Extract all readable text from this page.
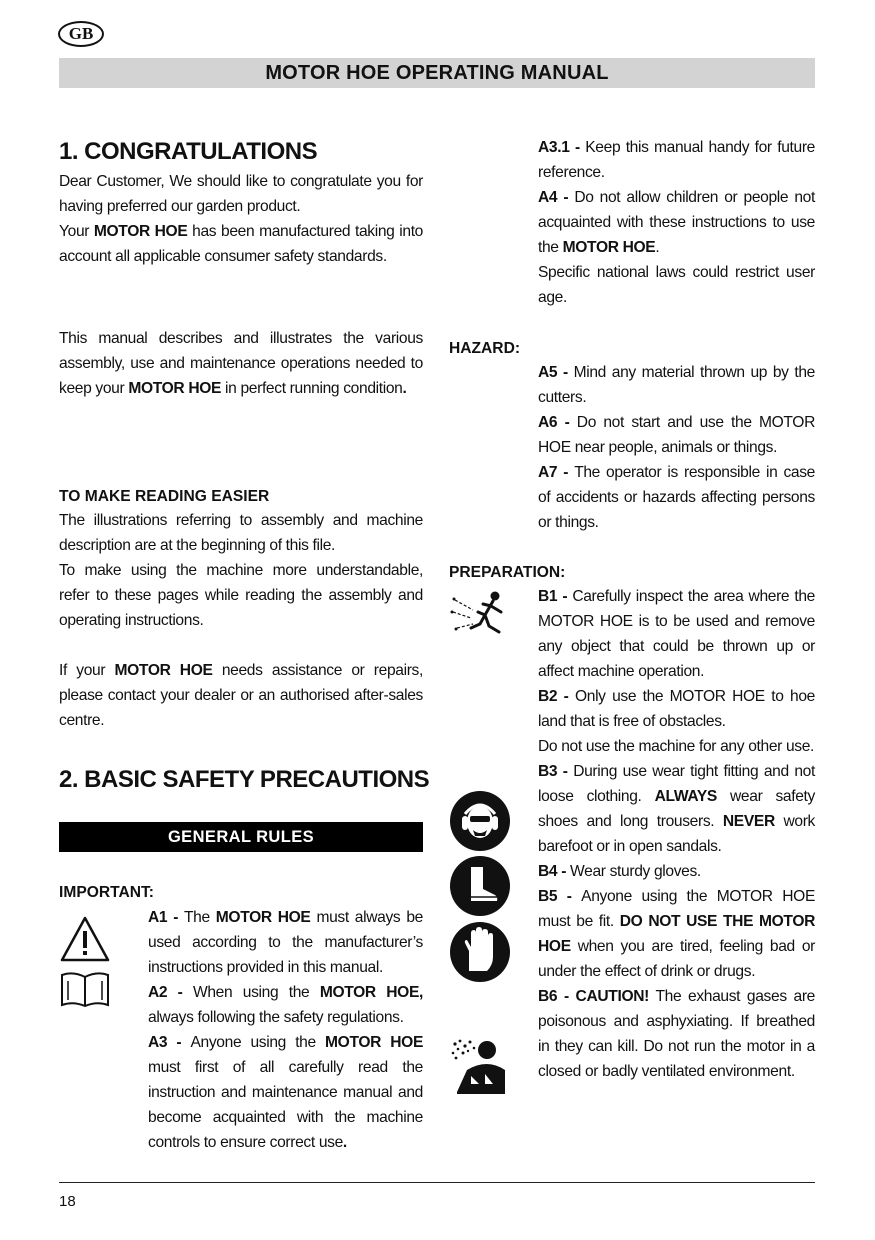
GB
MOTOR HOE OPERATING MANUAL
1. CONGRATULATIONS

Dear Customer, We should like to congratulate you for having preferred our garden product.

Your MOTOR HOE has been manufactured taking into account all applicable consumer safety standards.

This manual describes and illustrates the various assembly, use and maintenance operations needed to keep your MOTOR HOE in perfect running condition.

TO MAKE READING EASIER

The illustrations referring to assembly and machine description are at the beginning of this file.

To make using the machine more understandable, refer to these pages while reading the assembly and operating instructions.

If your MOTOR HOE needs assistance or repairs, please contact your dealer or an authorised after-sales centre.

2. BASIC SAFETY PRECAUTIONS
GENERAL RULES
IMPORTANT:

A1 - The MOTOR HOE must always be used according to the manufacturer’s instructions provided in this manual.

A2 - When using the MOTOR HOE, always following the safety regulations.

A3 - Anyone using the MOTOR HOE must first of all carefully read the instruction and maintenance manual and become acquainted with the machine controls to ensure correct use.

A3.1 - Keep this manual handy for future reference.

A4 - Do not allow children or people not acquainted with these instructions to use the MOTOR HOE.

Specific national laws could restrict user age.

HAZARD:

A5 - Mind any material thrown up by the cutters.

A6 - Do not start and use the MOTOR HOE near people, animals or things.

A7 - The operator is responsible in case of accidents or hazards affecting persons or things.

PREPARATION:

B1 - Carefully inspect the area where the MOTOR HOE is to be used and remove any object that could be thrown up or affect machine operation.

B2 - Only use the MOTOR HOE to hoe land that is free of obstacles.

Do not use the machine for any other use.

B3 - During use wear tight fitting and not loose clothing. ALWAYS wear safety shoes and long trousers. NEVER work barefoot or in open sandals.

B4 - Wear sturdy gloves.

B5 - Anyone using the MOTOR HOE must be fit. DO NOT USE THE MOTOR HOE when you are tired, feeling bad or under the effect of drink or drugs.

B6 - CAUTION! The exhaust gases are poisonous and asphyxiating. If breathed in they can kill. Do not run the motor in a closed or badly ventilated environment.

18
